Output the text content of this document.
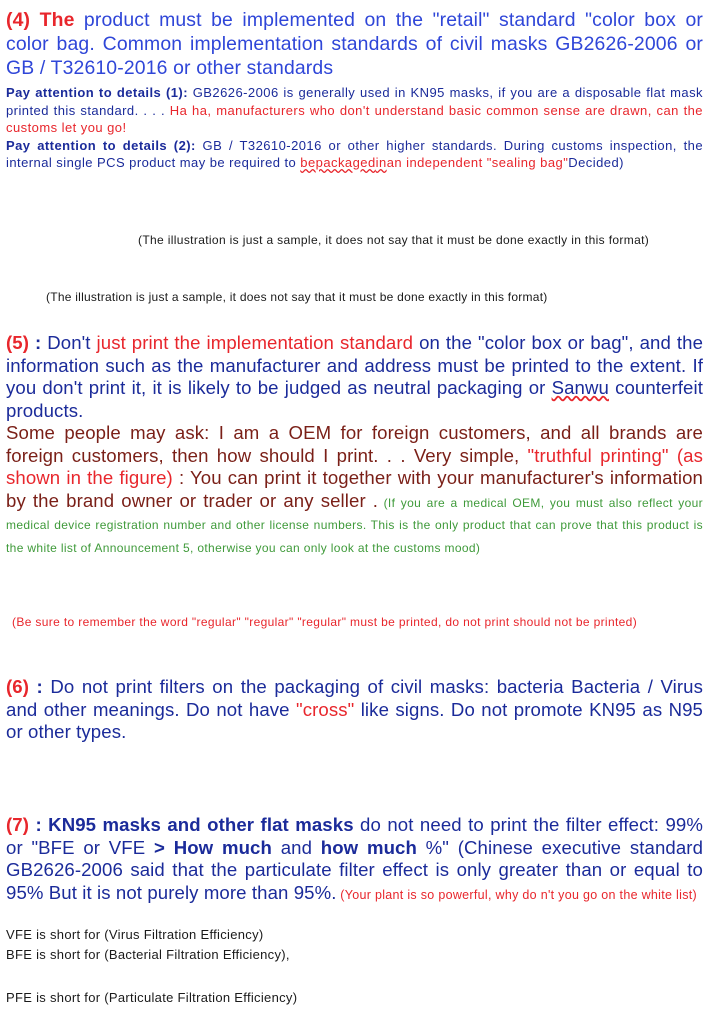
(4) The product must be implemented on the "retail" standard "color box or color bag. Common implementation standards of civil masks GB2626-2006 or GB / T32610-2016 or other standards

Pay attention to details (1): GB2626-2006 is generally used in KN95 masks, if you are a disposable flat mask printed this standard. . . . Ha ha, manufacturers who don't understand basic common sense are drawn, can the customs let you go!
Pay attention to details (2): GB / T32610-2016 or other higher standards. During customs inspection, the internal single PCS product may be required to bepackagedinan independent "sealing bag"Decided)

(The illustration is just a sample, it does not say that it must be done exactly in this format)

(The illustration is just a sample, it does not say that it must be done exactly in this format)

(5) : Don't just print the implementation standard on the "color box or bag", and the information such as the manufacturer and address must be printed to the extent. If you don't print it, it is likely to be judged as neutral packaging or Sanwu counterfeit products.

Some people may ask: I am a OEM for foreign customers, and all brands are foreign customers, then how should I print. . . Very simple, "truthful printing" (as shown in the figure) : You can print it together with your manufacturer's information by the brand owner or trader or any seller . (If you are a medical OEM, you must also reflect your medical device registration number and other license numbers. This is the only product that can prove that this product is the white list of Announcement 5, otherwise you can only look at the customs mood)

(Be sure to remember the word "regular" "regular" "regular" must be printed, do not print should not be printed)

(6) : Do not print filters on the packaging of civil masks: bacteria Bacteria / Virus and other meanings. Do not have "cross" like signs. Do not promote KN95 as N95 or other types.

(7) : KN95 masks and other flat masks do not need to print the filter effect: 99% or "BFE or VFE > How much and how much %" (Chinese executive standard GB2626-2006 said that the particulate filter effect is only greater than or equal to 95% But it is not purely more than 95%. (Your plant is so powerful, why do n't you go on the white list)

VFE is short for (Virus Filtration Efficiency)

BFE is short for (Bacterial Filtration Efficiency),

PFE is short for (Particulate Filtration Efficiency)
